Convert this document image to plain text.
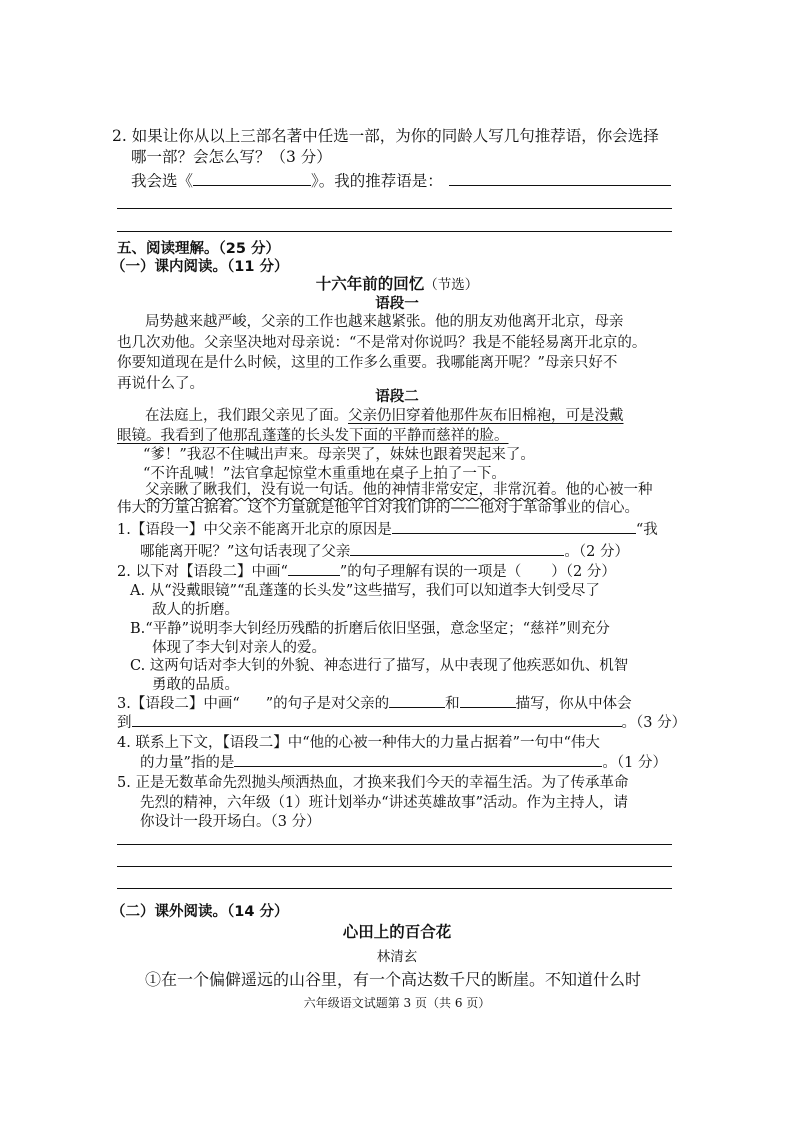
2. 如果让你从以上三部名著中任选一部，为你的同龄人写几句推荐语，你会选择
哪一部？会怎么写？（3 分）
我会选《	》。我的推荐语是：
五、阅读理解。（25 分）
（一）课内阅读。（11 分）
十六年前的回忆（节选）
语段一
局势越来越严峻，父亲的工作也越来越紧张。他的朋友劝他离开北京，母亲
也几次劝他。父亲坚决地对母亲说：“不是常对你说吗？我是不能轻易离开北京的。
你要知道现在是什么时候，这里的工作多么重要。我哪能离开呢？”母亲只好不
再说什么了。
语段二
在法庭上，我们跟父亲见了面。父亲仍旧穿着他那件灰布旧棉袍，可是没戴
眼镜。我看到了他那乱蓬蓬的长头发下面的平静而慈祥的脸。
“爹！”我忍不住喊出声来。母亲哭了，妹妹也跟着哭起来了。
“不许乱喊！”法官拿起惊堂木重重地在桌子上拍了一下。
父亲瞅了瞅我们，没有说一句话。他的神情非常安定，非常沉着。他的心被一种
伟大的力量占据着。这个力量就是他平日对我们讲的——他对于革命事业的信心。
1.【语段一】中父亲不能离开北京的原因是	“我
哪能离开呢？”这句话表现了父亲	。（2 分）
2. 以下对【语段二】中画“	”的句子理解有误的一项是（ ）（2 分）
A. 从“没戴眼镜”“乱蓬蓬的长头发”这些描写，我们可以知道李大钊受尽了
敌人的折磨。
B.“平静”说明李大钊经历残酷的折磨后依旧坚强，意念坚定；“慈祥”则充分
体现了李大钊对亲人的爱。
C. 这两句话对李大钊的外貌、神态进行了描写，从中表现了他疾恶如仇、机智
勇敢的品质。
3.【语段二】中画“ ”的句子是对父亲的	和	描写，你从中体会
到	。（3 分）
4. 联系上下文，【语段二】中“他的心被一种伟大的力量占据着”一句中“伟大
的力量”指的是	。（1 分）
5. 正是无数革命先烈抛头颅洒热血，才换来我们今天的幸福生活。为了传承革命
先烈的精神，六年级（1）班计划举办“讲述英雄故事”活动。作为主持人，请
你设计一段开场白。（3 分）
（二）课外阅读。（14 分）
心田上的百合花
林清玄
①在一个偏僻遥远的山谷里，有一个高达数千尺的断崖。不知道什么时
六年级语文试题第 3 页（共 6 页）
